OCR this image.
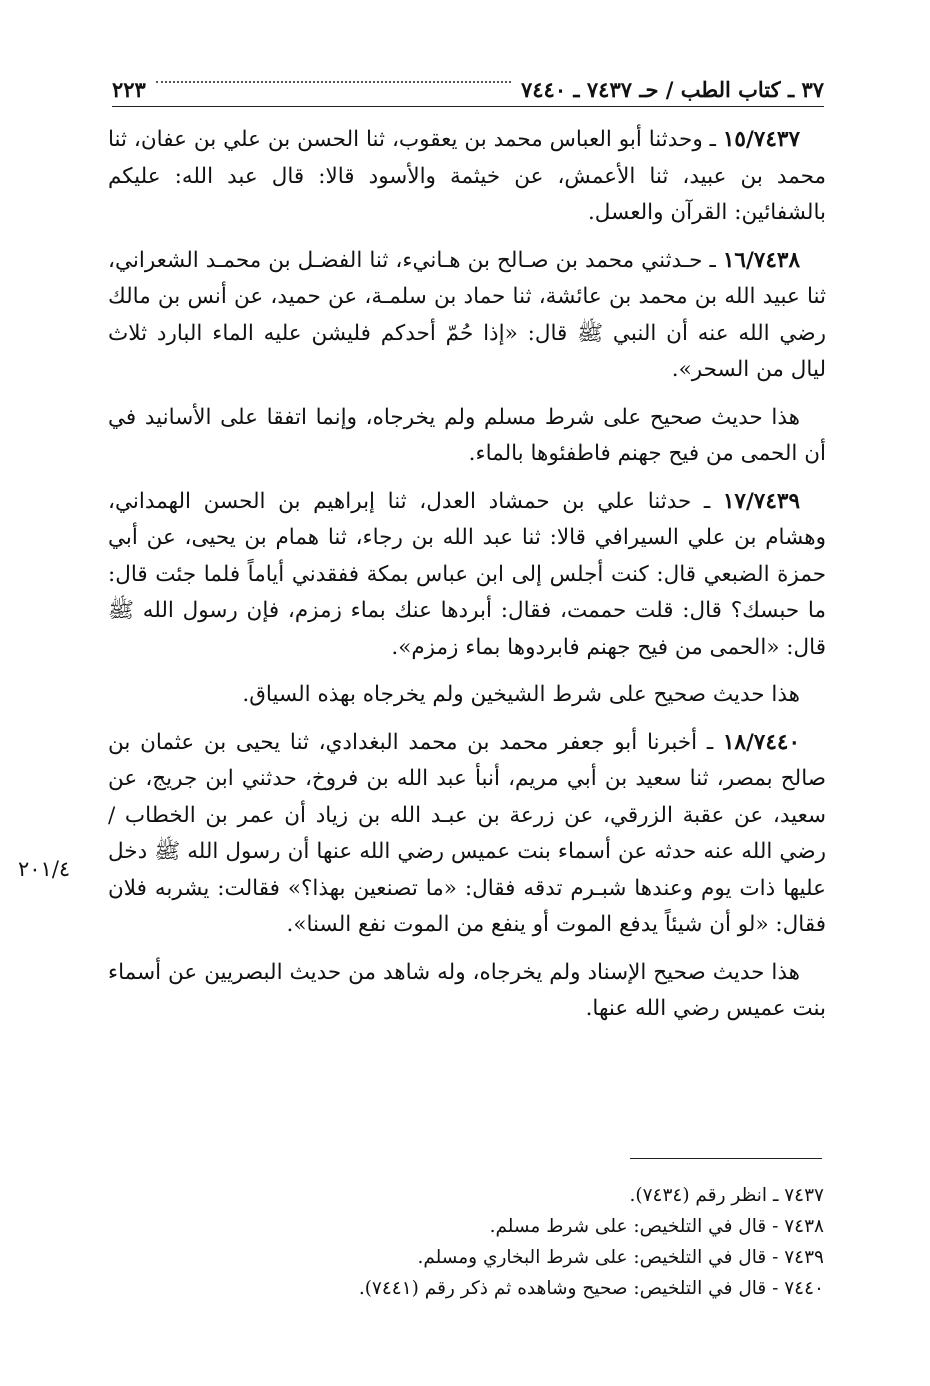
٣٧ ـ كتاب الطب / حـ ٧٤٣٧ ـ ٧٤٤٠
٢٢٣

١٥/٧٤٣٧ ـ وحدثنا أبو العباس محمد بن يعقوب، ثنا الحسن بن علي بن عفان، ثنا محمد بن عبيد، ثنا الأعمش، عن خيثمة والأسود قالا: قال عبد الله: عليكم بالشفائين: القرآن والعسل.

١٦/٧٤٣٨ ـ حـدثني محمد بن صـالح بن هـانيء، ثنا الفضـل بن محمـد الشعراني، ثنا عبيد الله بن محمد بن عائشة، ثنا حماد بن سلمـة، عن حميد، عن أنس بن مالك رضي الله عنه أن النبي ﷺ قال: «إذا حُمّ أحدكم فليشن عليه الماء البارد ثلاث ليال من السحر».

هذا حديث صحيح على شرط مسلم ولم يخرجاه، وإنما اتفقا على الأسانيد في أن الحمى من فيح جهنم فاطفئوها بالماء.

١٧/٧٤٣٩ ـ حدثنا علي بن حمشاد العدل، ثنا إبراهيم بن الحسن الهمداني، وهشام بن علي السيرافي قالا: ثنا عبد الله بن رجاء، ثنا همام بن يحيى، عن أبي حمزة الضبعي قال: كنت أجلس إلى ابن عباس بمكة ففقدني أياماً فلما جئت قال: ما حبسك؟ قال: قلت حممت، فقال: أبردها عنك بماء زمزم، فإن رسول الله ﷺ قال: «الحمى من فيح جهنم فابردوها بماء زمزم».

هذا حديث صحيح على شرط الشيخين ولم يخرجاه بهذه السياق.

١٨/٧٤٤٠ ـ أخبرنا أبو جعفر محمد بن محمد البغدادي، ثنا يحيى بن عثمان بن صالح بمصر، ثنا سعيد بن أبي مريم، أنبأ عبد الله بن فروخ، حدثني ابن جريج، عن سعيد، عن عقبة الزرقي، عن زرعة بن عبـد الله بن زياد أن عمر بن الخطاب / رضي الله عنه حدثه عن أسماء بنت عميس رضي الله عنها أن رسول الله ﷺ دخل عليها ذات يوم وعندها شبـرم تدقه فقال: «ما تصنعين بهذا؟» فقالت: يشربه فلان فقال: «لو أن شيئاً يدفع الموت أو ينفع من الموت نفع السنا».

هذا حديث صحيح الإسناد ولم يخرجاه، وله شاهد من حديث البصريين عن أسماء بنت عميس رضي الله عنها.

٢٠١/٤

٧٤٣٧ ـ انظر رقم (٧٤٣٤).

٧٤٣٨ - قال في التلخيص: على شرط مسلم.

٧٤٣٩ - قال في التلخيص: على شرط البخاري ومسلم.

٧٤٤٠ - قال في التلخيص: صحيح وشاهده ثم ذكر رقم (٧٤٤١).
